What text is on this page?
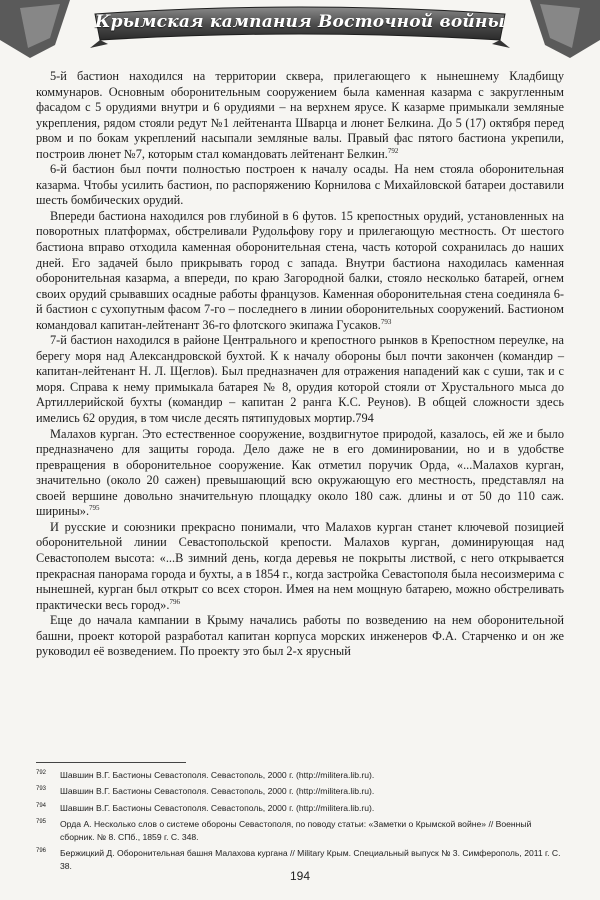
Крымская кампания Восточной войны

5-й бастион находился на территории сквера, прилегающего к нынешнему Кладбищу коммунаров. Основным оборонительным сооружением была каменная казарма с закругленным фасадом с 5 орудиями внутри и 6 орудиями – на верхнем ярусе. К казарме примыкали земляные укрепления, рядом стояли редут №1 лейтенанта Шварца и люнет Белкина. До 5 (17) октября перед рвом и по бокам укреплений насыпали земляные валы. Правый фас пятого бастиона укрепили, построив люнет №7, которым стал командовать лейтенант Белкин.$^{792}$

6-й бастион был почти полностью построен к началу осады. На нем стояла оборонительная казарма. Чтобы усилить бастион, по распоряжению Корнилова с Михайловской батареи доставили шесть бомбических орудий.

Впереди бастиона находился ров глубиной в 6 футов. 15 крепостных орудий, установленных на поворотных платформах, обстреливали Рудольфову гору и прилегающую местность. От шестого бастиона вправо отходила каменная оборонительная стена, часть которой сохранилась до наших дней. Его задачей было прикрывать город с запада. Внутри бастиона находилась каменная оборонительная казарма, а впереди, по краю Загородной балки, стояло несколько батарей, огнем своих орудий срывавших осадные работы французов. Каменная оборонительная стена соединяла 6-й бастион с сухопутным фасом 7-го – последнего в линии оборонительных сооружений. Бастионом командовал капитан-лейтенант 36-го флотского экипажа Гусаков.$^{793}$

7-й бастион находился в районе Центрального и крепостного рынков в Крепостном переулке, на берегу моря над Александровской бухтой. К к началу обороны был почти закончен (командир – капитан-лейтенант Н. Л. Щеглов). Был предназначен для отражения нападений как с суши, так и с моря. Справа к нему примыкала батарея № 8, орудия которой стояли от Хрустального мыса до Артиллерийской бухты (командир – капитан 2 ранга К.С. Реунов). В общей сложности здесь имелись 62 орудия, в том числе десять пятипудовых мортир.794

Малахов курган. Это естественное сооружение, воздвигнутое природой, казалось, ей же и было предназначено для защиты города. Дело даже не в его доминировании, но и в удобстве превращения в оборонительное сооружение. Как отметил поручик Орда, «...Малахов курган, значительно (около 20 сажен) превышающий всю окружающую его местность, представлял на своей вершине довольно значительную площадку около 180 саж. длины и от 50 до 110 саж. ширины».$^{795}$

И русские и союзники прекрасно понимали, что Малахов курган станет ключевой позицией оборонительной линии Севастопольской крепости. Малахов курган, доминирующая над Севастополем высота: «...В зимний день, когда деревья не покрыты листвой, с него открывается прекрасная панорама города и бухты, а в 1854 г., когда застройка Севастополя была несоизмерима с нынешней, курган был открыт со всех сторон. Имея на нем мощную батарею, можно обстреливать практически весь город».$^{796}$

Еще до начала кампании в Крыму начались работы по возведению на нем оборонительной башни, проект которой разработал капитан корпуса морских инженеров Ф.А. Старченко и он же руководил её возведением. По проекту это был 2-х ярусный

792	Шавшин В.Г. Бастионы Севастополя. Севастополь, 2000 г. (http://militera.lib.ru).
793	Шавшин В.Г. Бастионы Севастополя. Севастополь, 2000 г. (http://militera.lib.ru).
794	Шавшин В.Г. Бастионы Севастополя. Севастополь, 2000 г. (http://militera.lib.ru).
795	Орда А. Несколько слов о системе обороны Севастополя, по поводу статьи: «Заметки о Крымской войне» // Военный сборник. № 8. СПб., 1859 г. С. 348.
796	Бержицкий Д. Оборонительная башня Малахова кургана // Military Крым. Специальный выпуск № 3. Симферополь, 2011 г. С. 38.
194
